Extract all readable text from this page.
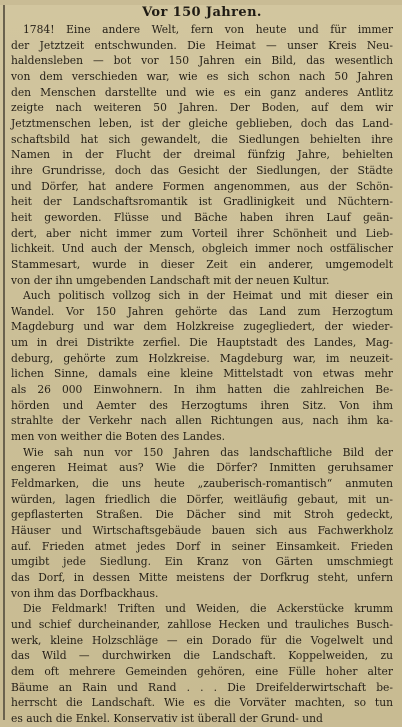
Vor 150 Jahren.
1784! Eine andere Welt, fern von heute und für immer
der Jetztzeit entschwunden. Die Heimat — unser Kreis Neu-
haldensleben — bot vor 150 Jahren ein Bild, das wesentlich
von dem verschieden war, wie es sich schon nach 50 Jahren
den Menschen darstellte und wie es ein ganz anderes Antlitz
zeigte nach weiteren 50 Jahren. Der Boden, auf dem wir
Jetztmenschen leben, ist der gleiche geblieben, doch das Land-
schaftsbild hat sich gewandelt, die Siedlungen behielten ihre
Namen in der Flucht der dreimal fünfzig Jahre, behielten
ihre Grundrisse, doch das Gesicht der Siedlungen, der Städte
und Dörfer, hat andere Formen angenommen, aus der Schön-
heit der Landschaftsromantik ist Gradlinigkeit und Nüchtern-
heit geworden. Flüsse und Bäche haben ihren Lauf geän-
dert, aber nicht immer zum Vorteil ihrer Schönheit und Lieb-
lichkeit. Und auch der Mensch, obgleich immer noch ostfälischer
Stammesart, wurde in dieser Zeit ein anderer, umgemodelt
von der ihn umgebenden Landschaft mit der neuen Kultur.
Auch politisch vollzog sich in der Heimat und mit dieser ein
Wandel. Vor 150 Jahren gehörte das Land zum Herzogtum
Magdeburg und war dem Holzkreise zugegliedert, der wieder-
um in drei Distrikte zerfiel. Die Hauptstadt des Landes, Mag-
deburg, gehörte zum Holzkreise. Magdeburg war, im neuzeit-
lichen Sinne, damals eine kleine Mittelstadt von etwas mehr
als 26 000 Einwohnern. In ihm hatten die zahlreichen Be-
hörden und Aemter des Herzogtums ihren Sitz. Von ihm
strahlte der Verkehr nach allen Richtungen aus, nach ihm ka-
men von weither die Boten des Landes.
Wie sah nun vor 150 Jahren das landschaftliche Bild der
engeren Heimat aus? Wie die Dörfer? Inmitten geruhsamer
Feldmarken, die uns heute „zauberisch-romantisch“ anmuten
würden, lagen friedlich die Dörfer, weitläufig gebaut, mit un-
gepflasterten Straßen. Die Dächer sind mit Stroh gedeckt,
Häuser und Wirtschaftsgebäude bauen sich aus Fachwerkholz
auf. Frieden atmet jedes Dorf in seiner Einsamkeit. Frieden
umgibt jede Siedlung. Ein Kranz von Gärten umschmiegt
das Dorf, in dessen Mitte meistens der Dorfkrug steht, unfern
von ihm das Dorfbackhaus.
Die Feldmark! Triften und Weiden, die Ackerstücke krumm
und schief durcheinander, zahllose Hecken und trauliches Busch-
werk, kleine Holzschläge — ein Dorado für die Vogelwelt und
das Wild — durchwirken die Landschaft. Koppelweiden, zu
dem oft mehrere Gemeinden gehören, eine Fülle hoher alter
Bäume an Rain und Rand . . . Die Dreifelderwirtschaft be-
herrscht die Landschaft. Wie es die Vorväter machten, so tun
es auch die Enkel. Konservativ ist überall der Grund- und
